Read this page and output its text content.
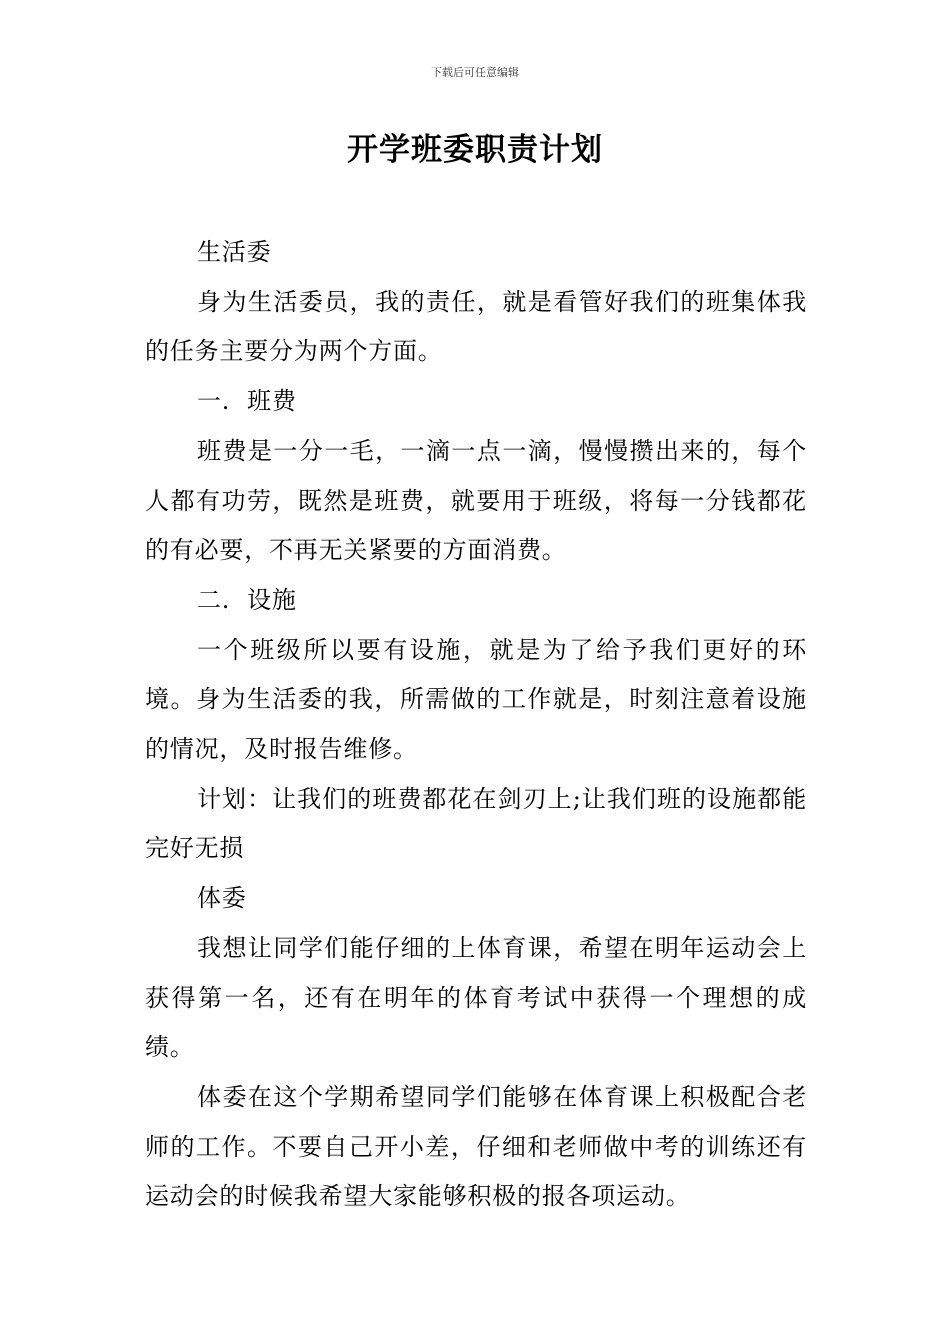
下载后可任意编辑
开学班委职责计划

生活委

身为生活委员，我的责任，就是看管好我们的班集体我的任务主要分为两个方面。

一.  班费

班费是一分一毛，一滴一点一滴，慢慢攒出来的，每个人都有功劳，既然是班费，就要用于班级，将每一分钱都花的有必要，不再无关紧要的方面消费。

二.  设施

一个班级所以要有设施，就是为了给予我们更好的环境。身为生活委的我，所需做的工作就是，时刻注意着设施的情况，及时报告维修。

计划：让我们的班费都花在剑刃上;让我们班的设施都能完好无损

体委

我想让同学们能仔细的上体育课，希望在明年运动会上获得第一名，还有在明年的体育考试中获得一个理想的成绩。

体委在这个学期希望同学们能够在体育课上积极配合老师的工作。不要自己开小差，仔细和老师做中考的训练还有运动会的时候我希望大家能够积极的报各项运动。
